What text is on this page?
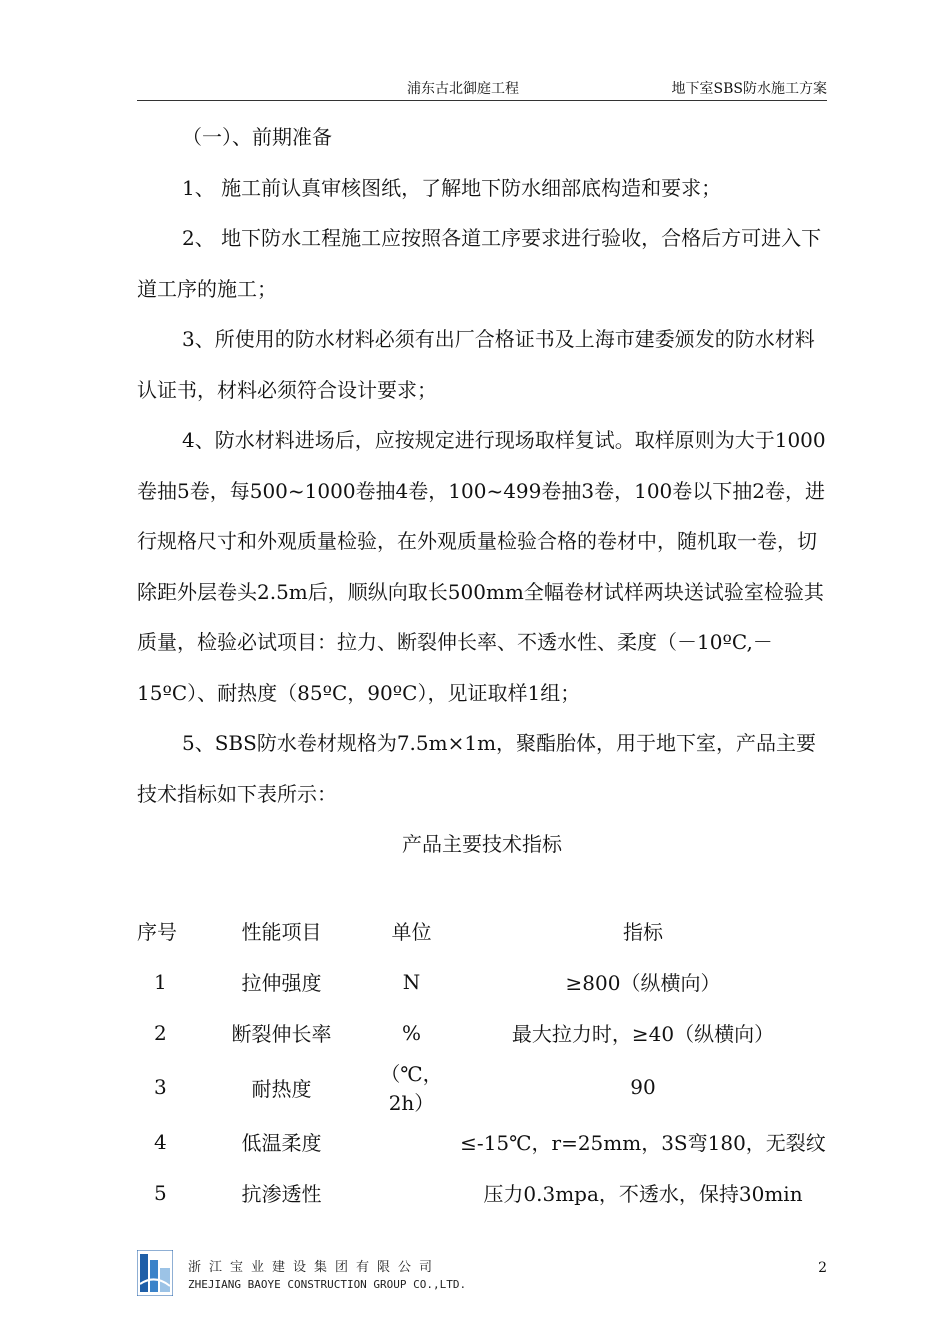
浦东古北御庭工程	地下室SBS防水施工方案

（一）、前期准备

1、 施工前认真审核图纸，了解地下防水细部底构造和要求；

2、 地下防水工程施工应按照各道工序要求进行验收，合格后方可进入下道工序的施工；

3、所使用的防水材料必须有出厂合格证书及上海市建委颁发的防水材料认证书，材料必须符合设计要求；

4、防水材料进场后，应按规定进行现场取样复试。取样原则为大于1000卷抽5卷，每500~1000卷抽4卷，100~499卷抽3卷，100卷以下抽2卷，进行规格尺寸和外观质量检验，在外观质量检验合格的卷材中，随机取一卷，切除距外层卷头2.5m后，顺纵向取长500mm全幅卷材试样两块送试验室检验其质量，检验必试项目：拉力、断裂伸长率、不透水性、柔度（－10ºC,－15ºC）、耐热度（85ºC，90ºC），见证取样1组；

5、SBS防水卷材规格为7.5m×1m，聚酯胎体，用于地下室，产品主要技术指标如下表所示：

产品主要技术指标

序号	性能项目	单位	指标
1	拉伸强度	N	≥800（纵横向）
2	断裂伸长率	%	最大拉力时，≥40（纵横向）
3	耐热度	（℃，2h）	90
4	低温柔度		≤-15℃，r=25mm，3S弯180，无裂纹
5	抗渗透性		压力0.3mpa，不透水，保持30min
浙江宝业建设集团有限公司
ZHEJIANG BAOYE CONSTRUCTION GROUP CO.,LTD.
2
